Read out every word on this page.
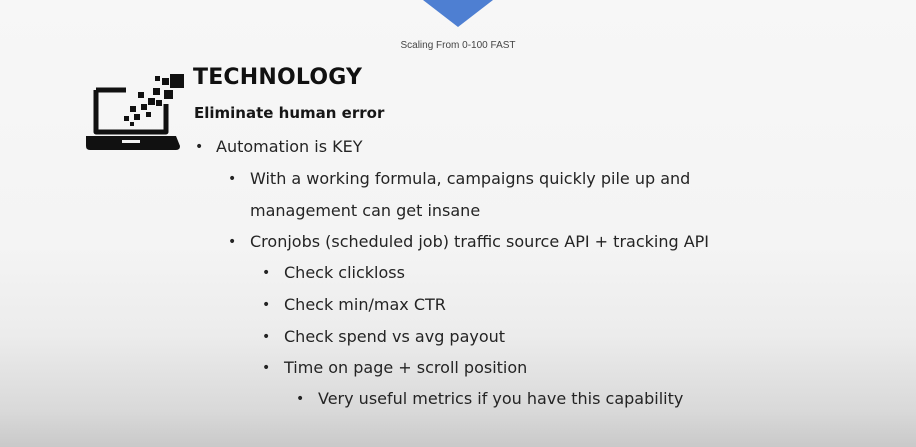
Scaling From 0-100 FAST
TECHNOLOGY
Eliminate human error
• Automation is KEY
• With a working formula, campaigns quickly pile up and
management can get insane
• Cronjobs (scheduled job) traffic source API + tracking API
• Check clickloss
• Check min/max CTR
• Check spend vs avg payout
• Time on page + scroll position
• Very useful metrics if you have this capability
